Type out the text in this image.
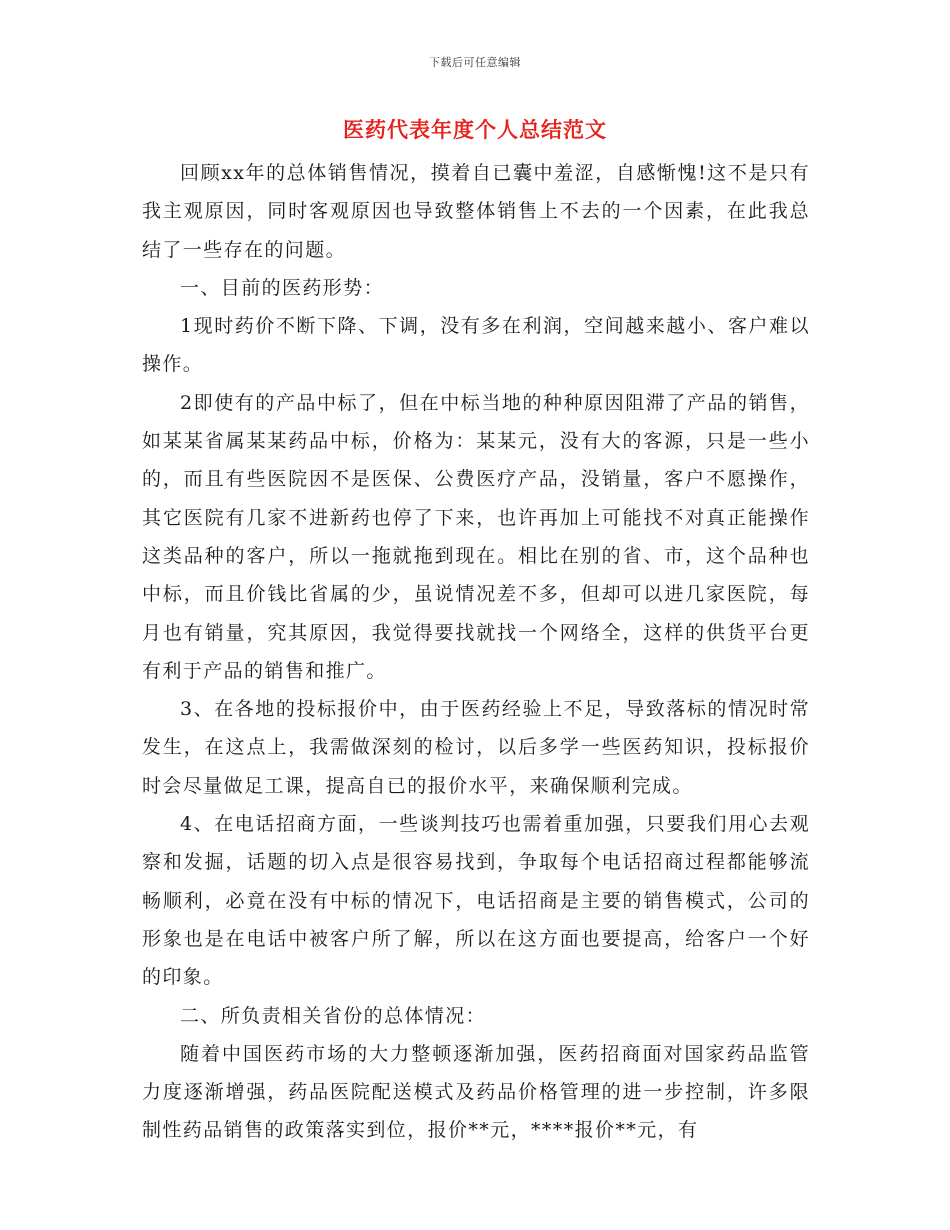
下载后可任意编辑
医药代表年度个人总结范文

回顾xx年的总体销售情况，摸着自已囊中羞涩，自感惭愧!这不是只有我主观原因，同时客观原因也导致整体销售上不去的一个因素，在此我总结了一些存在的问题。

一、目前的医药形势：

1现时药价不断下降、下调，没有多在利润，空间越来越小、客户难以操作。

2即使有的产品中标了，但在中标当地的种种原因阻滞了产品的销售，如某某省属某某药品中标，价格为：某某元，没有大的客源，只是一些小的，而且有些医院因不是医保、公费医疗产品，没销量，客户不愿操作，其它医院有几家不进新药也停了下来，也许再加上可能找不对真正能操作这类品种的客户，所以一拖就拖到现在。相比在别的省、市，这个品种也中标，而且价钱比省属的少，虽说情况差不多，但却可以进几家医院，每月也有销量，究其原因，我觉得要找就找一个网络全，这样的供货平台更有利于产品的销售和推广。

3、在各地的投标报价中，由于医药经验上不足，导致落标的情况时常发生，在这点上，我需做深刻的检讨，以后多学一些医药知识，投标报价时会尽量做足工课，提高自已的报价水平，来确保顺利完成。

4、在电话招商方面，一些谈判技巧也需着重加强，只要我们用心去观察和发掘，话题的切入点是很容易找到，争取每个电话招商过程都能够流畅顺利，必竟在没有中标的情况下，电话招商是主要的销售模式，公司的形象也是在电话中被客户所了解，所以在这方面也要提高，给客户一个好的印象。

二、所负责相关省份的总体情况：

随着中国医药市场的大力整顿逐渐加强，医药招商面对国家药品监管力度逐渐增强，药品医院配送模式及药品价格管理的进一步控制，许多限制性药品销售的政策落实到位，报价**元，****报价**元，有
